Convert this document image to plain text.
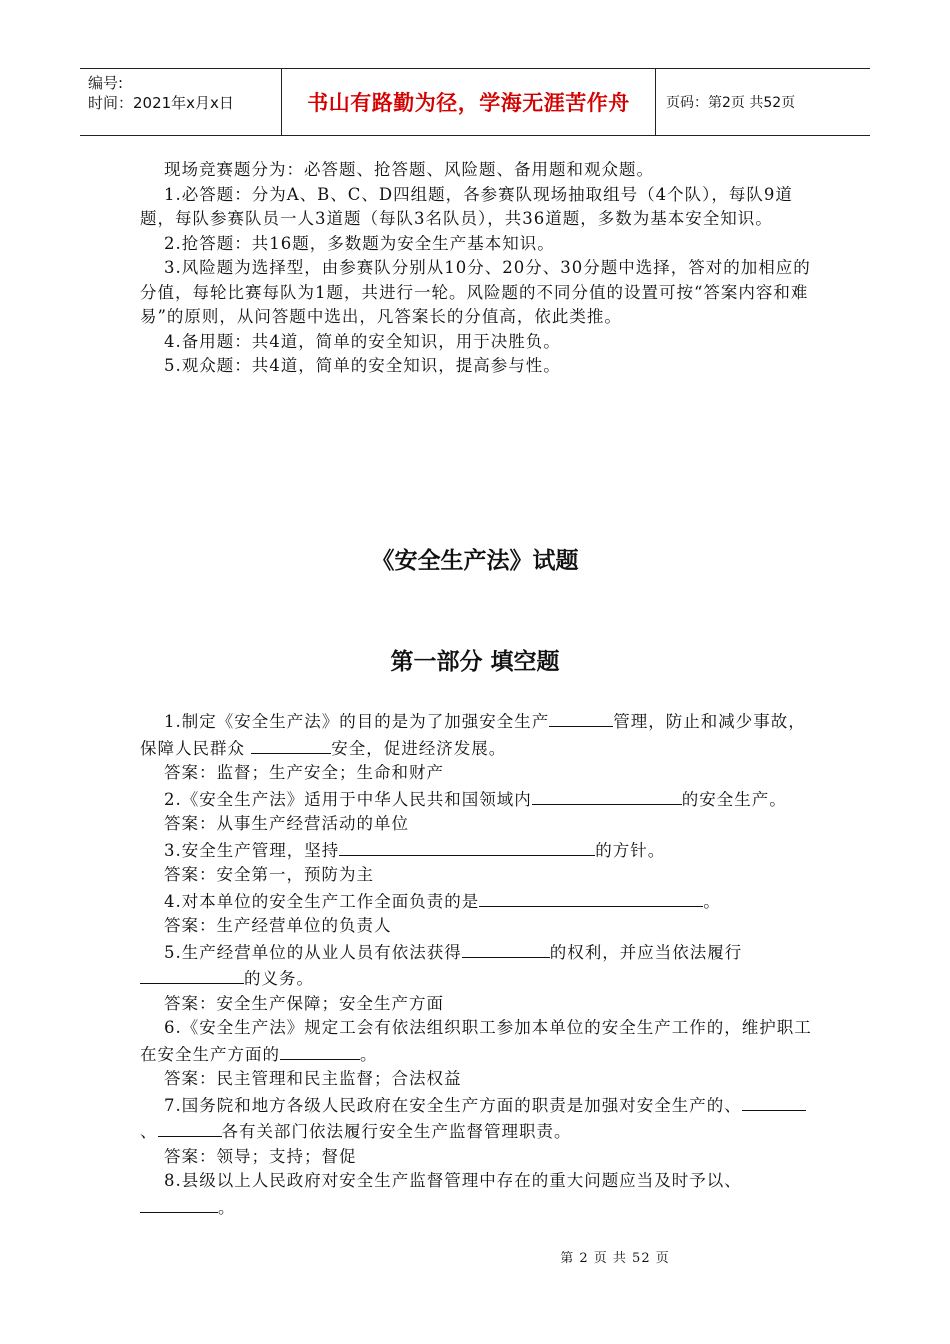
编号:
时间：2021年x月x日	书山有路勤为径，学海无涯苦作舟	页码：第2页 共52页

现场竞赛题分为：必答题、抢答题、风险题、备用题和观众题。

1.必答题：分为A、B、C、D四组题，各参赛队现场抽取组号（4个队），每队9道题，每队参赛队员一人3道题（每队3名队员），共36道题，多数为基本安全知识。

2.抢答题：共16题，多数题为安全生产基本知识。

3.风险题为选择型，由参赛队分别从10分、20分、30分题中选择，答对的加相应的分值，每轮比赛每队为1题，共进行一轮。风险题的不同分值的设置可按“答案内容和难易”的原则，从问答题中选出，凡答案长的分值高，依此类推。

4.备用题：共4道，简单的安全知识，用于决胜负。

5.观众题：共4道，简单的安全知识，提高参与性。

《安全生产法》试题
第一部分 填空题

1.制定《安全生产法》的目的是为了加强安全生产	管理，防止和减少事故，保障人民群众	安全，促进经济发展。

答案：监督；生产安全；生命和财产

2.《安全生产法》适用于中华人民共和国领域内	的安全生产。

答案：从事生产经营活动的单位

3.安全生产管理，坚持	的方针。

答案：安全第一，预防为主

4.对本单位的安全生产工作全面负责的是	。

答案：生产经营单位的负责人

5.生产经营单位的从业人员有依法获得	的权利，并应当依法履行的义务。

答案：安全生产保障；安全生产方面

6.《安全生产法》规定工会有依法组织职工参加本单位的安全生产工作的，维护职工在安全生产方面的	。

答案：民主管理和民主监督；合法权益

7.国务院和地方各级人民政府在安全生产方面的职责是加强对安全生产的、、	各有关部门依法履行安全生产监督管理职责。

答案：领导；支持；督促

8.县级以上人民政府对安全生产监督管理中存在的重大问题应当及时予以、。

第 2 页 共 52 页
